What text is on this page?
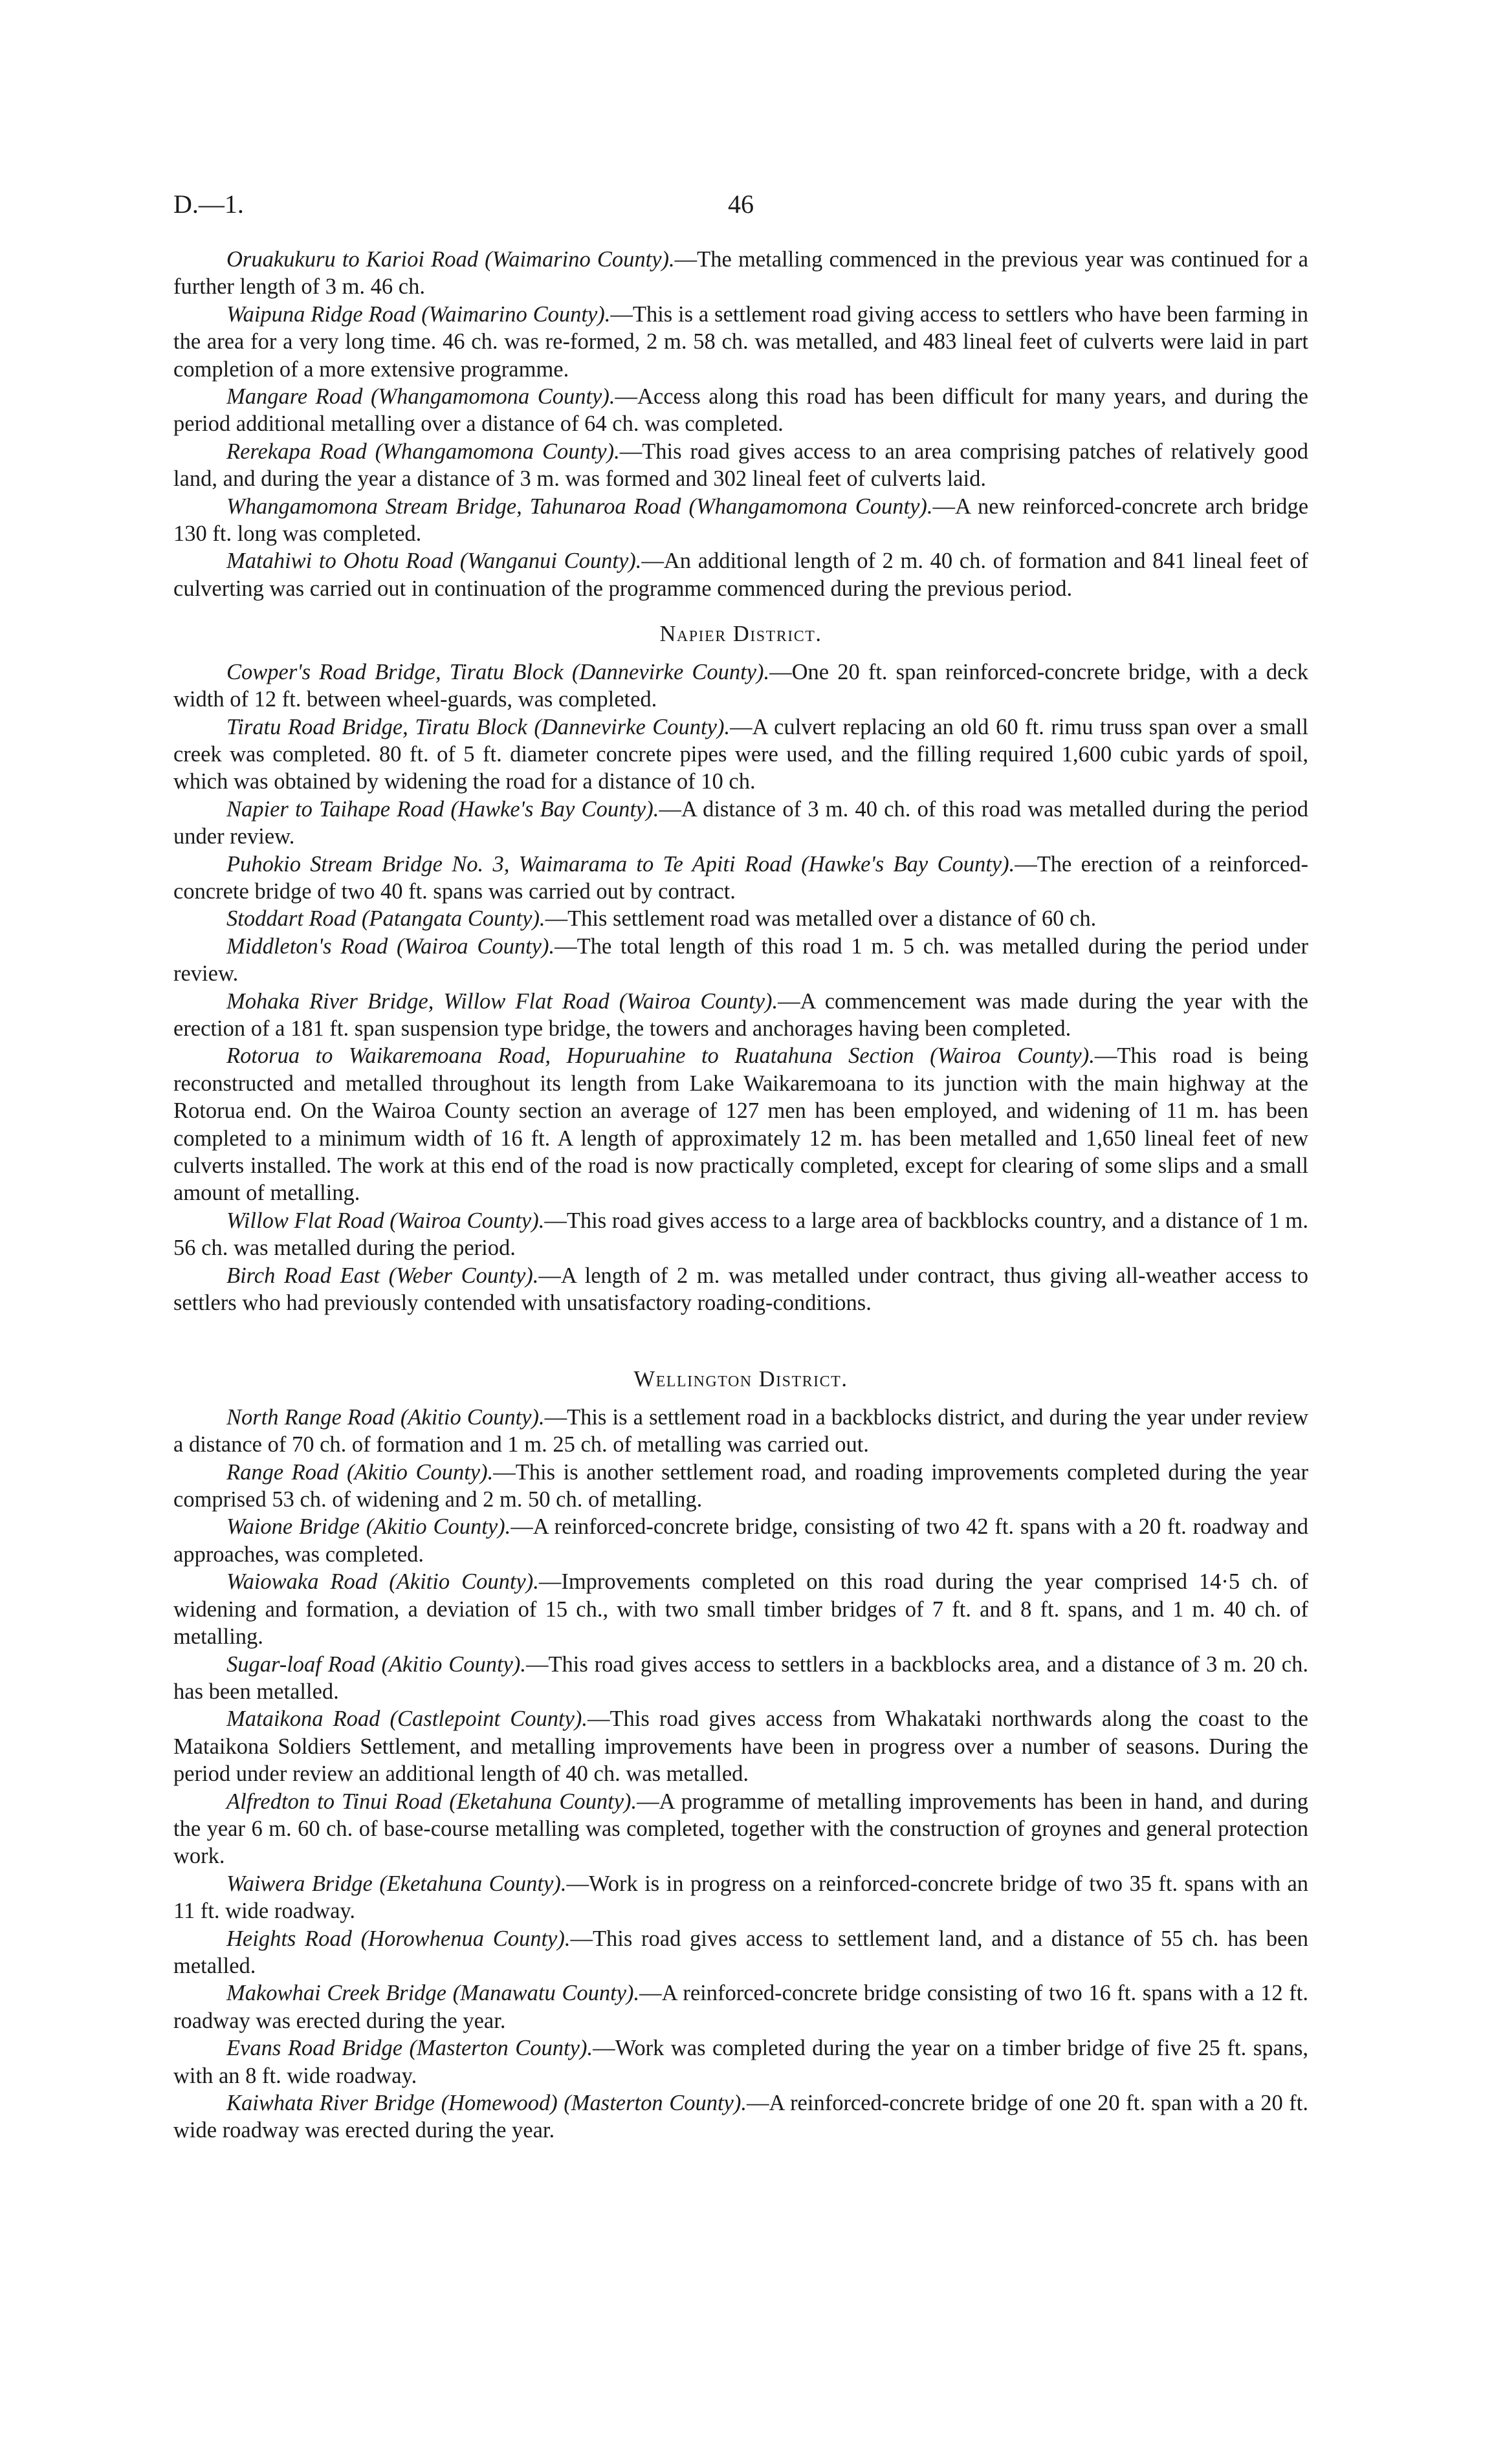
D.—1.	46

Oruakukuru to Karioi Road (Waimarino County).—The metalling commenced in the previous year was continued for a further length of 3 m. 46 ch.

Waipuna Ridge Road (Waimarino County).—This is a settlement road giving access to settlers who have been farming in the area for a very long time. 46 ch. was re-formed, 2 m. 58 ch. was metalled, and 483 lineal feet of culverts were laid in part completion of a more extensive programme.

Mangare Road (Whangamomona County).—Access along this road has been difficult for many years, and during the period additional metalling over a distance of 64 ch. was completed.

Rerekapa Road (Whangamomona County).—This road gives access to an area comprising patches of relatively good land, and during the year a distance of 3 m. was formed and 302 lineal feet of culverts laid.

Whangamomona Stream Bridge, Tahunaroa Road (Whangamomona County).—A new reinforced-concrete arch bridge 130 ft. long was completed.

Matahiwi to Ohotu Road (Wanganui County).—An additional length of 2 m. 40 ch. of formation and 841 lineal feet of culverting was carried out in continuation of the programme commenced during the previous period.

Napier District.

Cowper's Road Bridge, Tiratu Block (Dannevirke County).—One 20 ft. span reinforced-concrete bridge, with a deck width of 12 ft. between wheel-guards, was completed.

Tiratu Road Bridge, Tiratu Block (Dannevirke County).—A culvert replacing an old 60 ft. rimu truss span over a small creek was completed. 80 ft. of 5 ft. diameter concrete pipes were used, and the filling required 1,600 cubic yards of spoil, which was obtained by widening the road for a distance of 10 ch.

Napier to Taihape Road (Hawke's Bay County).—A distance of 3 m. 40 ch. of this road was metalled during the period under review.

Puhokio Stream Bridge No. 3, Waimarama to Te Apiti Road (Hawke's Bay County).—The erection of a reinforced-concrete bridge of two 40 ft. spans was carried out by contract.

Stoddart Road (Patangata County).—This settlement road was metalled over a distance of 60 ch.

Middleton's Road (Wairoa County).—The total length of this road 1 m. 5 ch. was metalled during the period under review.

Mohaka River Bridge, Willow Flat Road (Wairoa County).—A commencement was made during the year with the erection of a 181 ft. span suspension type bridge, the towers and anchorages having been completed.

Rotorua to Waikaremoana Road, Hopuruahine to Ruatahuna Section (Wairoa County).—This road is being reconstructed and metalled throughout its length from Lake Waikaremoana to its junction with the main highway at the Rotorua end. On the Wairoa County section an average of 127 men has been employed, and widening of 11 m. has been completed to a minimum width of 16 ft. A length of approximately 12 m. has been metalled and 1,650 lineal feet of new culverts installed. The work at this end of the road is now practically completed, except for clearing of some slips and a small amount of metalling.

Willow Flat Road (Wairoa County).—This road gives access to a large area of backblocks country, and a distance of 1 m. 56 ch. was metalled during the period.

Birch Road East (Weber County).—A length of 2 m. was metalled under contract, thus giving all-weather access to settlers who had previously contended with unsatisfactory roading-conditions.

Wellington District.

North Range Road (Akitio County).—This is a settlement road in a backblocks district, and during the year under review a distance of 70 ch. of formation and 1 m. 25 ch. of metalling was carried out.

Range Road (Akitio County).—This is another settlement road, and roading improvements completed during the year comprised 53 ch. of widening and 2 m. 50 ch. of metalling.

Waione Bridge (Akitio County).—A reinforced-concrete bridge, consisting of two 42 ft. spans with a 20 ft. roadway and approaches, was completed.

Waiowaka Road (Akitio County).—Improvements completed on this road during the year comprised 14·5 ch. of widening and formation, a deviation of 15 ch., with two small timber bridges of 7 ft. and 8 ft. spans, and 1 m. 40 ch. of metalling.

Sugar-loaf Road (Akitio County).—This road gives access to settlers in a backblocks area, and a distance of 3 m. 20 ch. has been metalled.

Mataikona Road (Castlepoint County).—This road gives access from Whakataki northwards along the coast to the Mataikona Soldiers Settlement, and metalling improvements have been in progress over a number of seasons. During the period under review an additional length of 40 ch. was metalled.

Alfredton to Tinui Road (Eketahuna County).—A programme of metalling improvements has been in hand, and during the year 6 m. 60 ch. of base-course metalling was completed, together with the construction of groynes and general protection work.

Waiwera Bridge (Eketahuna County).—Work is in progress on a reinforced-concrete bridge of two 35 ft. spans with an 11 ft. wide roadway.

Heights Road (Horowhenua County).—This road gives access to settlement land, and a distance of 55 ch. has been metalled.

Makowhai Creek Bridge (Manawatu County).—A reinforced-concrete bridge consisting of two 16 ft. spans with a 12 ft. roadway was erected during the year.

Evans Road Bridge (Masterton County).—Work was completed during the year on a timber bridge of five 25 ft. spans, with an 8 ft. wide roadway.

Kaiwhata River Bridge (Homewood) (Masterton County).—A reinforced-concrete bridge of one 20 ft. span with a 20 ft. wide roadway was erected during the year.
